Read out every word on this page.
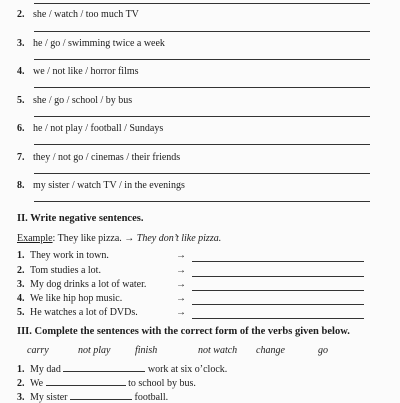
2. she / watch / too much TV
3. he / go / swimming twice a week
4. we / not like / horror films
5. she / go / school / by bus
6. he / not play / football / Sundays
7. they / not go / cinemas / their friends
8. my sister / watch TV / in the evenings
II. Write negative sentences.
Example: They like pizza. → They don’t like pizza.
1. They work in town.	→
2. Tom studies a lot.	→
3. My dog drinks a lot of water.	→
4. We like hip hop music.	→
5. He watches a lot of DVDs.	→
III. Complete the sentences with the correct form of the verbs given below.
carry	not play finish	not watch change	go
1. My dad	work at six o’clock.
2. We	to school by bus.
3. My sister	football.
